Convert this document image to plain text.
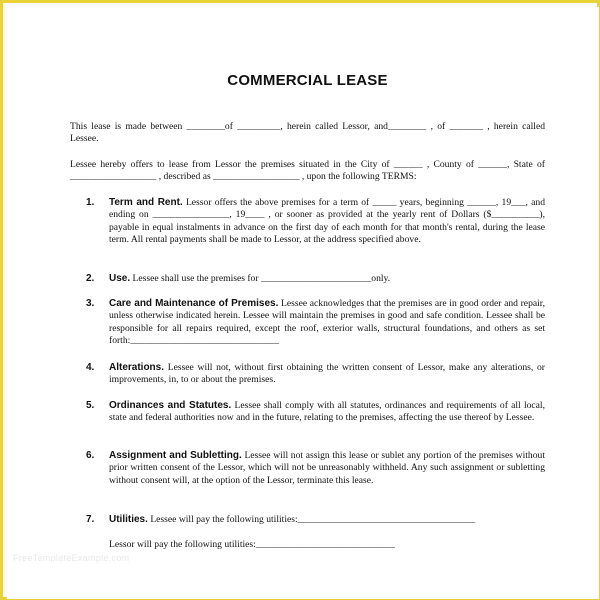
COMMERCIAL LEASE
This lease is made between ________of _________, herein called Lessor, and________ , of _______ , herein called Lessee.
Lessee hereby offers to lease from Lessor the premises situated in the City of ______ , County of ______, State of __________________ , described as __________________ , upon the following TERMS:
1. Term and Rent. Lessor offers the above premises for a term of _____ years, beginning ______, 19___, and ending on ________________, 19____ , or sooner as provided at the yearly rent of Dollars ($__________), payable in equal instalments in advance on the first day of each month for that month's rental, during the lease term. All rental payments shall be made to Lessor, at the address specified above.
2. Use. Lessee shall use the premises for _______________________only.
3. Care and Maintenance of Premises. Lessee acknowledges that the premises are in good order and repair, unless otherwise indicated herein. Lessee will maintain the premises in good and safe condition. Lessee shall be responsible for all repairs required, except the roof, exterior walls, structural foundations, and others as set forth:_______________________________
4. Alterations. Lessee will not, without first obtaining the written consent of Lessor, make any alterations, or improvements, in, to or about the premises.
5. Ordinances and Statutes. Lessee shall comply with all statutes, ordinances and requirements of all local, state and federal authorities now and in the future, relating to the premises, affecting the use thereof by Lessee.
6. Assignment and Subletting. Lessee will not assign this lease or sublet any portion of the premises without prior written consent of the Lessor, which will not be unreasonably withheld. Any such assignment or subletting without consent will, at the option of the Lessor, terminate this lease.
7. Utilities. Lessee will pay the following utilities:_____________________________________
Lessor will pay the following utilities:_____________________________
FreeTemplateExample.com
